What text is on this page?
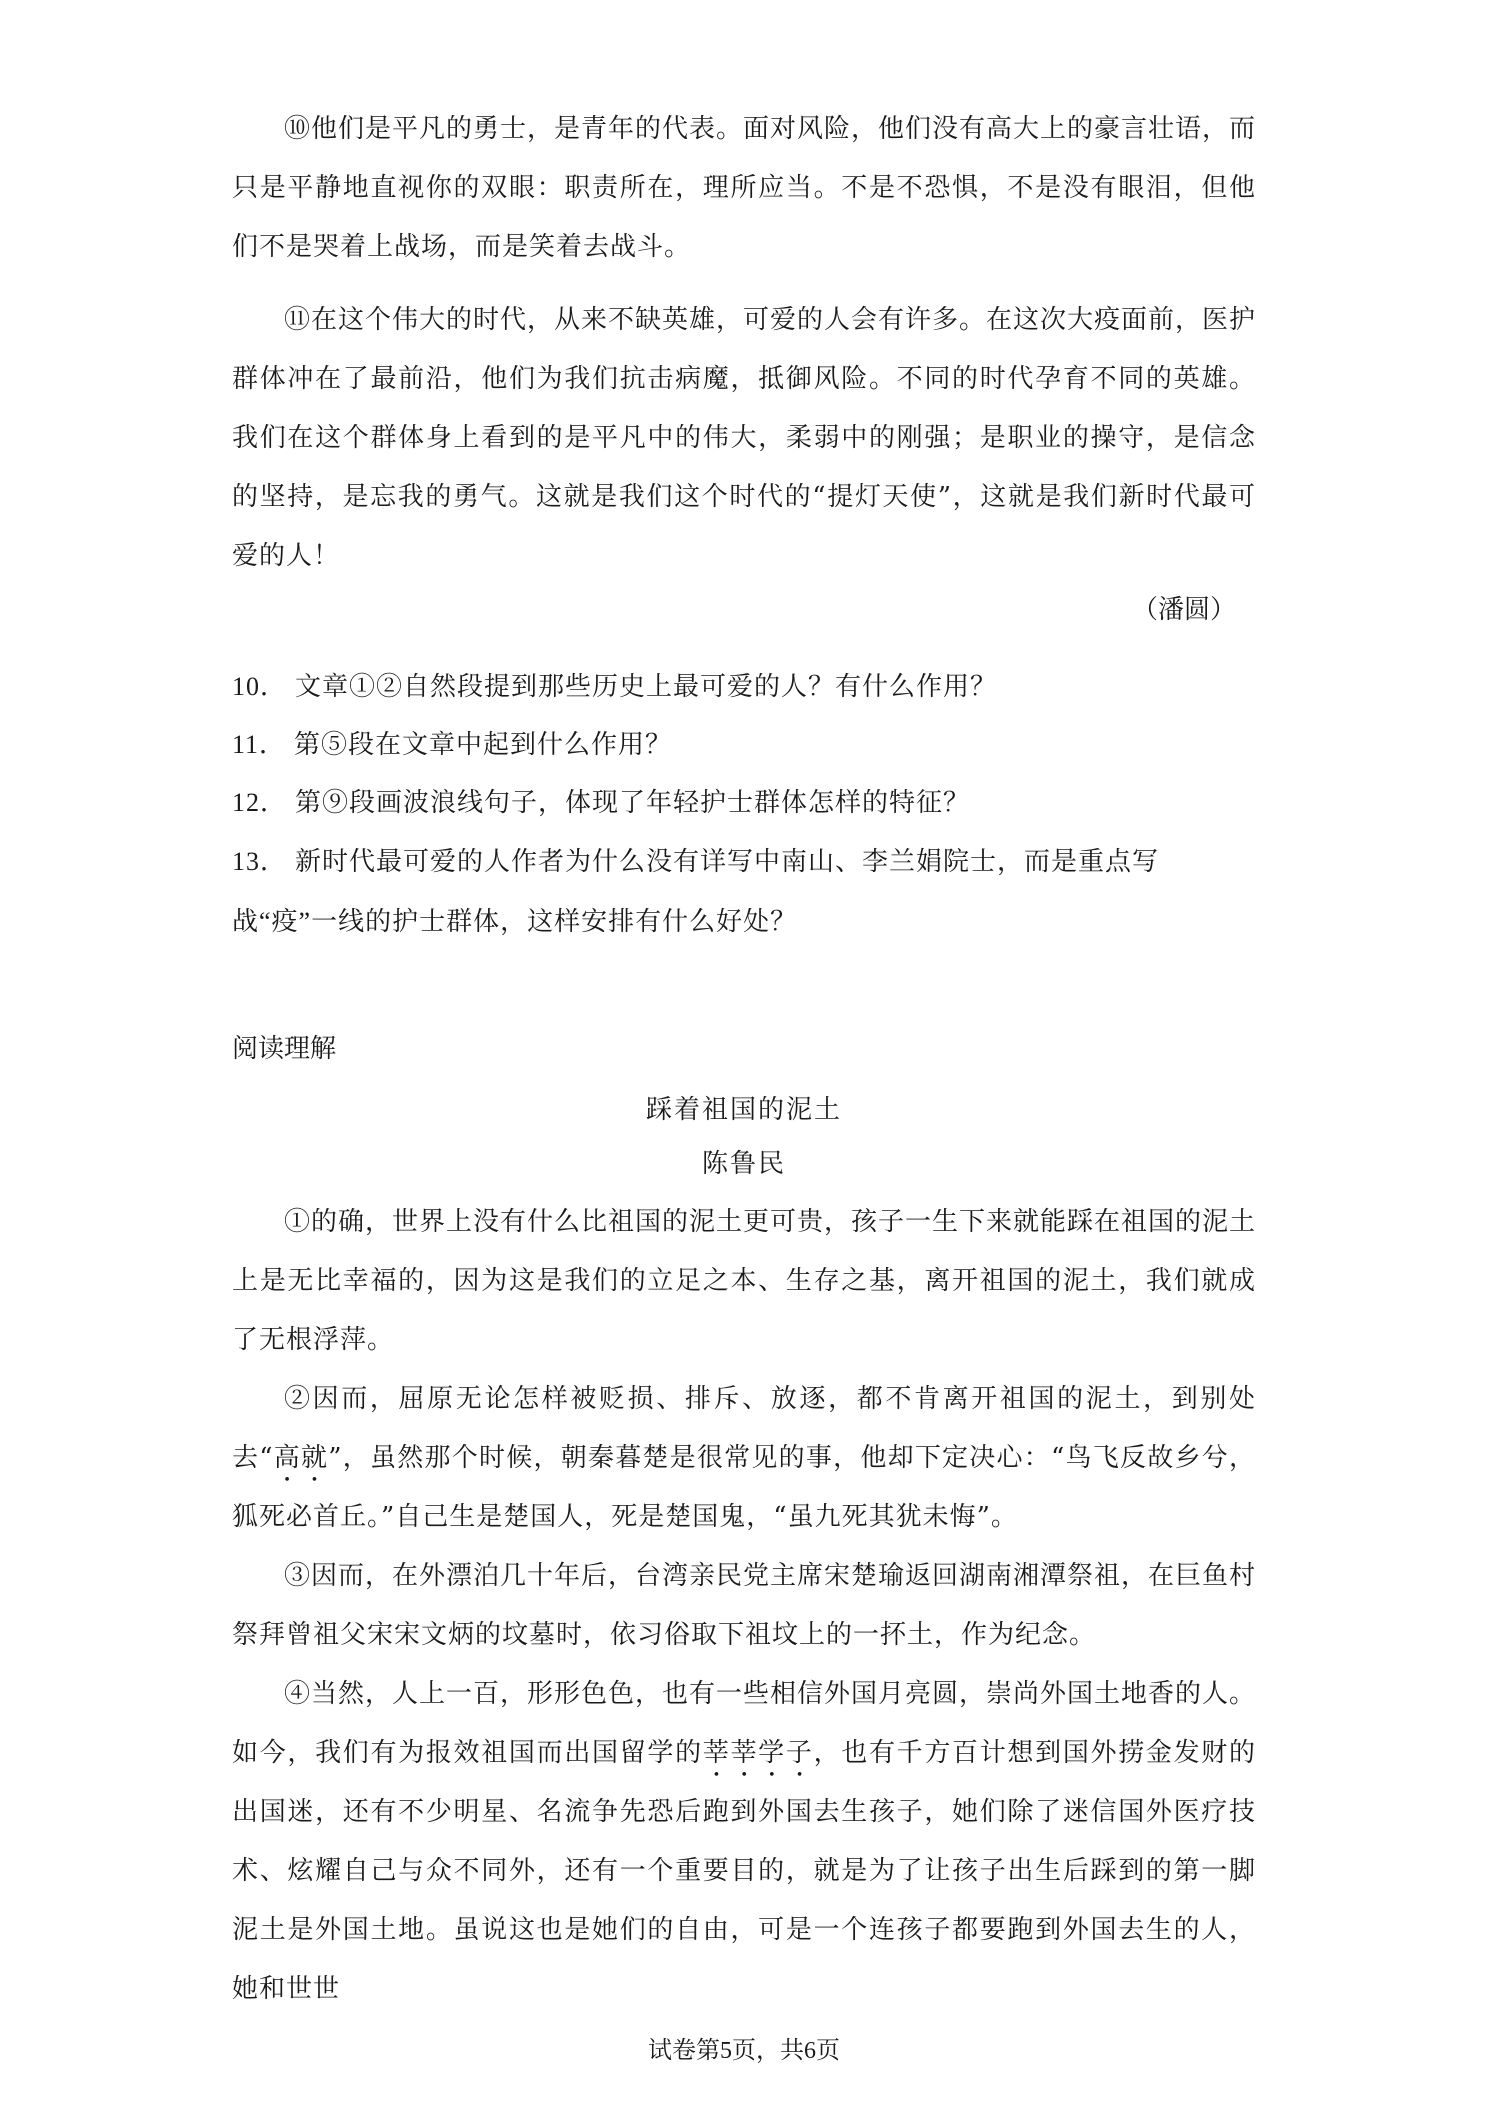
⑩他们是平凡的勇士，是青年的代表。面对风险，他们没有高大上的豪言壮语，而只是平静地直视你的双眼：职责所在，理所应当。不是不恐惧，不是没有眼泪，但他们不是哭着上战场，而是笑着去战斗。

⑪在这个伟大的时代，从来不缺英雄，可爱的人会有许多。在这次大疫面前，医护群体冲在了最前沿，他们为我们抗击病魔，抵御风险。不同的时代孕育不同的英雄。我们在这个群体身上看到的是平凡中的伟大，柔弱中的刚强；是职业的操守，是信念的坚持，是忘我的勇气。这就是我们这个时代的“提灯天使”，这就是我们新时代最可爱的人！

（潘圆）

10． 文章①②自然段提到那些历史上最可爱的人？有什么作用？

11． 第⑤段在文章中起到什么作用？

12． 第⑨段画波浪线句子，体现了年轻护士群体怎样的特征？

13． 新时代最可爱的人作者为什么没有详写中南山、李兰娟院士，而是重点写战“疫”一线的护士群体，这样安排有什么好处？

阅读理解

踩着祖国的泥土

陈鲁民

①的确，世界上没有什么比祖国的泥土更可贵，孩子一生下来就能踩在祖国的泥土上是无比幸福的，因为这是我们的立足之本、生存之基，离开祖国的泥土，我们就成了无根浮萍。

②因而，屈原无论怎样被贬损、排斥、放逐，都不肯离开祖国的泥土，到别处去“高就”，虽然那个时候，朝秦暮楚是很常见的事，他却下定决心：“鸟飞反故乡兮，狐死必首丘。”自己生是楚国人，死是楚国鬼，“虽九死其犹未悔”。

③因而，在外漂泊几十年后，台湾亲民党主席宋楚瑜返回湖南湘潭祭祖，在巨鱼村祭拜曾祖父宋宋文炳的坟墓时，依习俗取下祖坟上的一抔土，作为纪念。

④当然，人上一百，形形色色，也有一些相信外国月亮圆，崇尚外国土地香的人。如今，我们有为报效祖国而出国留学的莘莘学子，也有千方百计想到国外捞金发财的出国迷，还有不少明星、名流争先恐后跑到外国去生孩子，她们除了迷信国外医疗技术、炫耀自己与众不同外，还有一个重要目的，就是为了让孩子出生后踩到的第一脚泥土是外国土地。虽说这也是她们的自由，可是一个连孩子都要跑到外国去生的人，她和世世

试卷第5页，共6页
